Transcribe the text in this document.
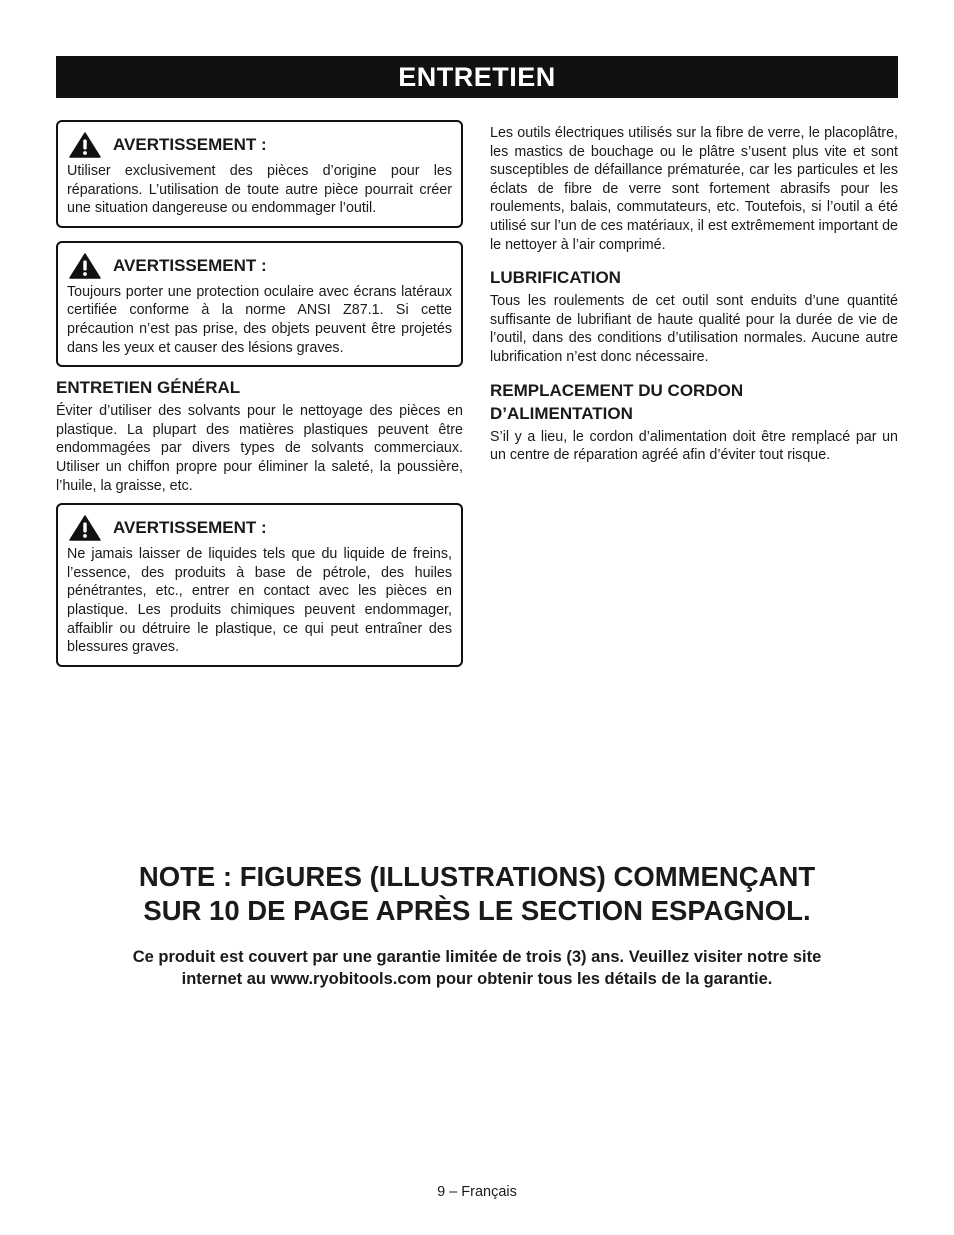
ENTRETIEN
AVERTISSEMENT :

Utiliser exclusivement des pièces d’origine pour les réparations. L’utilisation de toute autre pièce pourrait créer une situation dangereuse ou endommager l’outil.

AVERTISSEMENT :

Toujours porter une protection oculaire avec écrans latéraux certifiée conforme à la norme ANSI Z87.1. Si cette précaution n’est pas prise, des objets peuvent être projetés dans les yeux et causer des lésions graves.

ENTRETIEN GÉNÉRAL

Éviter d’utiliser des solvants pour le nettoyage des pièces en plastique. La plupart des matières plastiques peuvent être endommagées par divers types de solvants commerciaux. Utiliser un chiffon propre pour éliminer la saleté, la poussière, l’huile, la graisse, etc.

AVERTISSEMENT :

Ne jamais laisser de liquides tels que du liquide de freins, l’essence, des produits à base de pétrole, des huiles pénétrantes, etc., entrer en contact avec les pièces en plastique. Les produits chimiques peuvent endommager, affaiblir ou détruire le plastique, ce qui peut entraîner des blessures graves.

Les outils électriques utilisés sur la fibre de verre, le placoplâtre, les mastics de bouchage ou le plâtre s’usent plus vite et sont susceptibles de défaillance prématurée, car les particules et les éclats de fibre de verre sont fortement abrasifs pour les roulements, balais, commutateurs, etc. Toutefois, si l’outil a été utilisé sur l’un de ces matériaux, il est extrêmement important de le nettoyer à l’air comprimé.

LUBRIFICATION

Tous les roulements de cet outil sont enduits d’une quantité suffisante de lubrifiant de haute qualité pour la durée de vie de l’outil, dans des conditions d’utilisation normales. Aucune autre lubrification n’est donc nécessaire.

REMPLACEMENT DU CORDON
D’ALIMENTATION

S’il y a lieu, le cordon d’alimentation doit être remplacé par un un centre de réparation agréé afin d’éviter tout risque.

NOTE : FIGURES (ILLUSTRATIONS) COMMENÇANT
SUR 10 DE PAGE APRÈS LE SECTION ESPAGNOL.
Ce produit est couvert par une garantie limitée de trois (3) ans. Veuillez visiter notre site
internet au www.ryobitools.com pour obtenir tous les détails de la garantie.
9 – Français
